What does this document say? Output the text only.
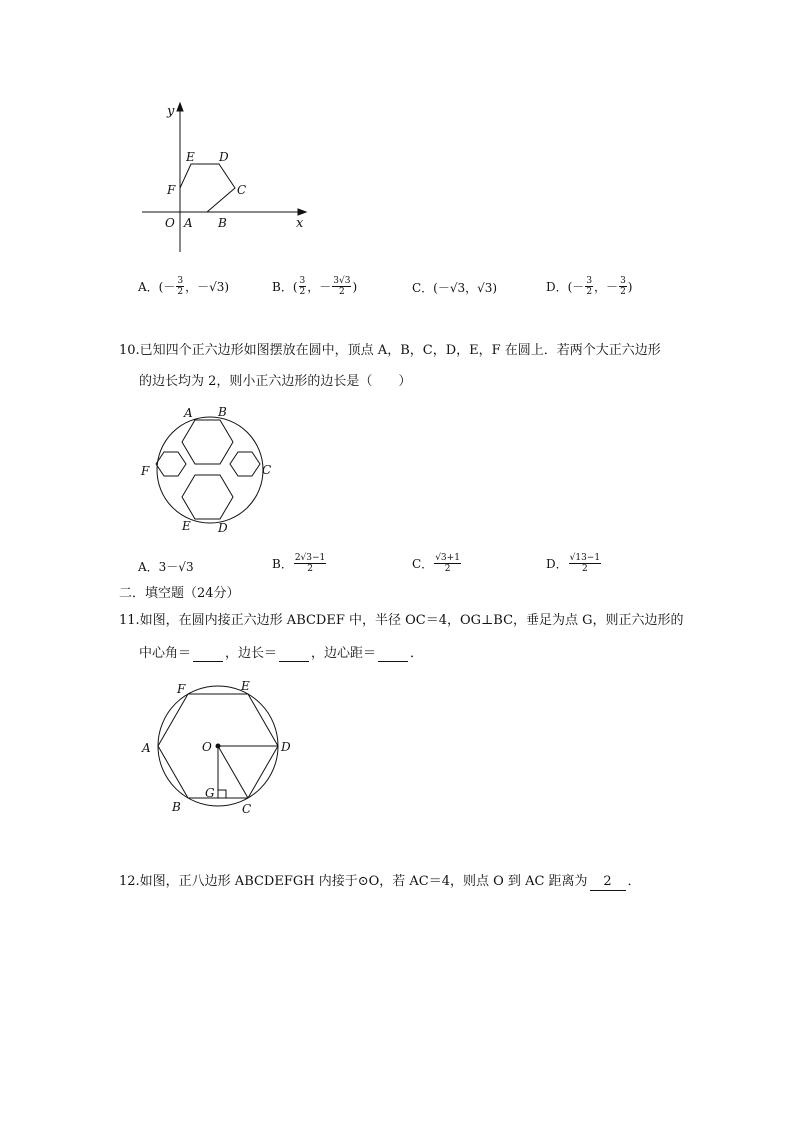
y
x
O A B
C
D
E
F
A．(－ $\frac{3}{2}$ ，－√3)	B．( $\frac{3}{2}$ ，－ $\frac{3√3}{2}$ )	C．(－√3，√3)	D．(－ $\frac{3}{2}$ ，－ $\frac{3}{2}$ )
10.已知四个正六边形如图摆放在圆中，顶点 A，B，C，D，E，F 在圆上．若两个大正六边形
的边长均为 2，则小正六边形的边长是（　　）
A B
C
D
E
F
A．3－√3	B． $\frac{2√3-1}{2}$	C． $\frac{√3+1}{2}$	D． $\frac{√13-1}{2}$
二．填空题（24分）
11.如图，在圆内接正六边形 ABCDEF 中，半径 OC＝4，OG⊥BC，垂足为点 G，则正六边形的
中心角＝	，边长＝	，边心距＝	．
A
B	C
D
E
F
O
G
12.如图，正八边形 ABCDEFGH 内接于⊙O，若 AC＝4，则点 O 到 AC 距离为 2 ．
